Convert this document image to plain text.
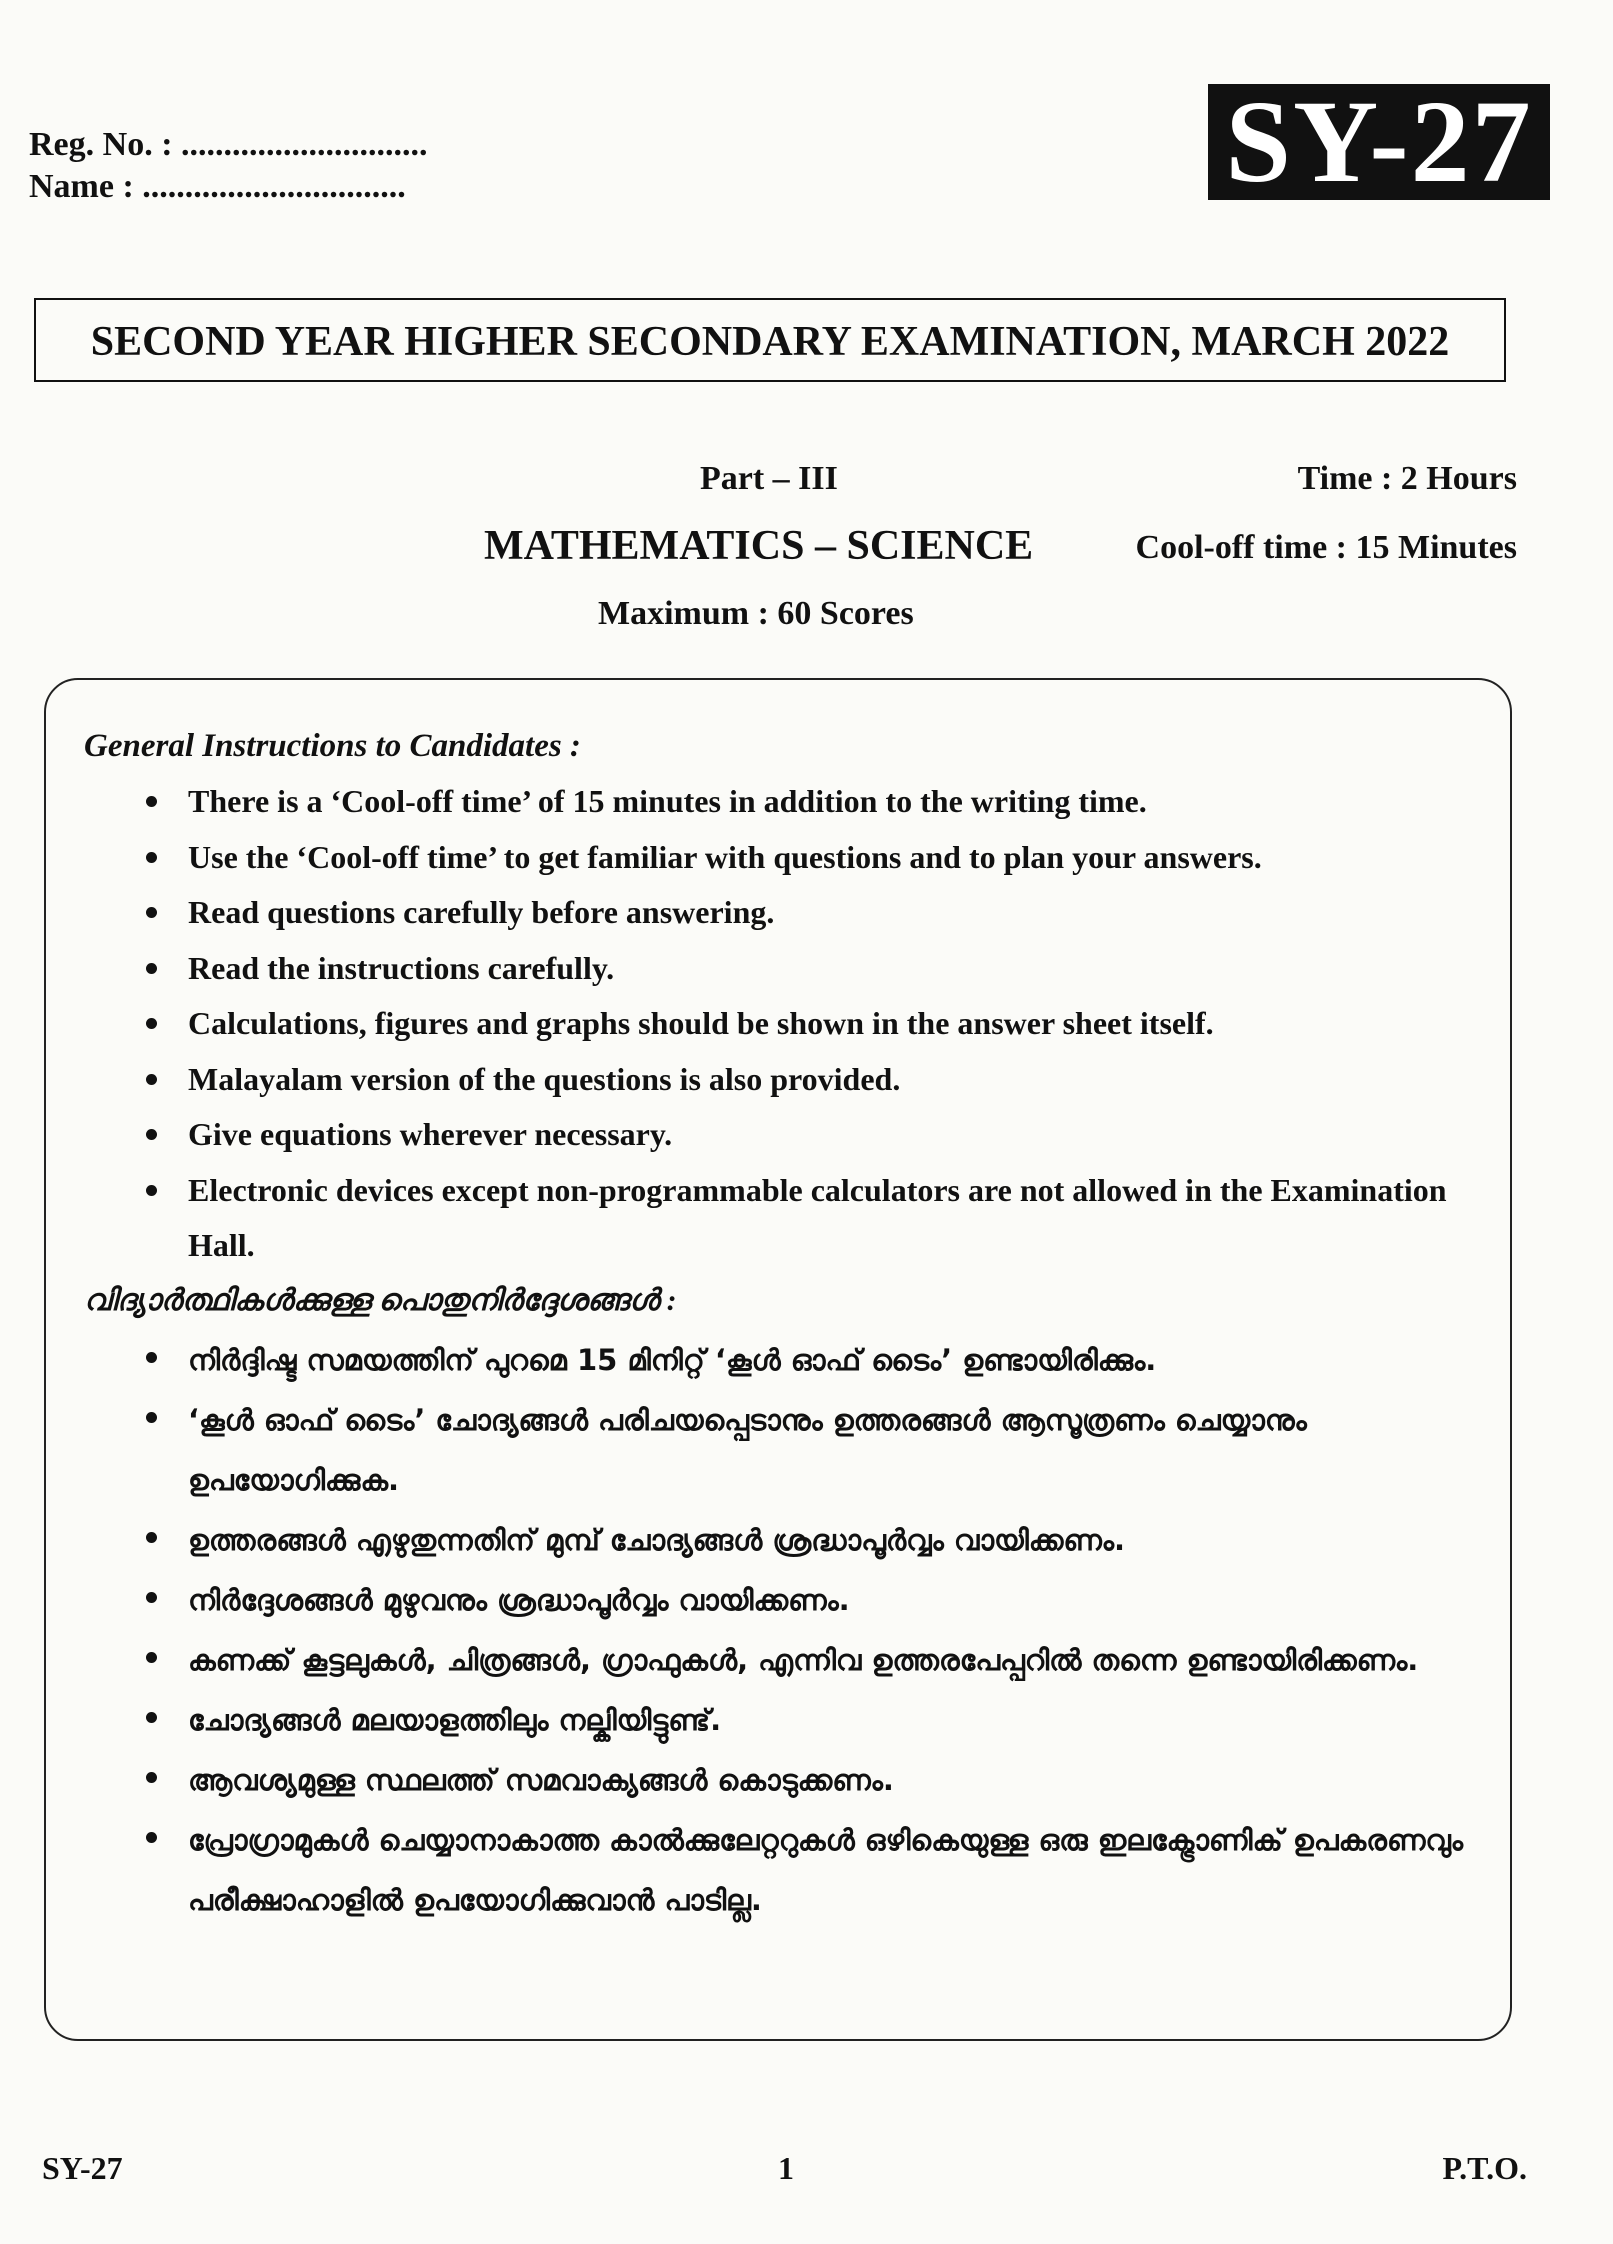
Reg. No. : .............................
Name : ...............................	SY-27
SECOND YEAR HIGHER SECONDARY EXAMINATION, MARCH 2022
Part – III	Time : 2 Hours
MATHEMATICS – SCIENCE	Cool-off time : 15 Minutes
Maximum : 60 Scores
General Instructions to Candidates :
There is a ‘Cool-off time’ of 15 minutes in addition to the writing time.
Use the ‘Cool-off time’ to get familiar with questions and to plan your answers.
Read questions carefully before answering.
Read the instructions carefully.
Calculations, figures and graphs should be shown in the answer sheet itself.
Malayalam version of the questions is also provided.
Give equations wherever necessary.
Electronic devices except non-programmable calculators are not allowed in the Examination Hall.
വിദ്യാർത്ഥികൾക്കുള്ള പൊതുനിർദ്ദേശങ്ങൾ :
നിർദ്ദിഷ്ട സമയത്തിന് പുറമെ 15 മിനിറ്റ് ‘കൂൾ ഓഫ് ടൈം’ ഉണ്ടായിരിക്കും.
‘കൂൾ ഓഫ് ടൈം’ ചോദ്യങ്ങൾ പരിചയപ്പെടാനും ഉത്തരങ്ങൾ ആസൂത്രണം ചെയ്യാനും ഉപയോഗിക്കുക.
ഉത്തരങ്ങൾ എഴുതുന്നതിന് മുമ്പ് ചോദ്യങ്ങൾ ശ്രദ്ധാപൂർവ്വം വായിക്കണം.
നിർദ്ദേശങ്ങൾ മുഴുവനും ശ്രദ്ധാപൂർവ്വം വായിക്കണം.
കണക്ക് കൂട്ടലുകൾ, ചിത്രങ്ങൾ, ഗ്രാഫുകൾ, എന്നിവ ഉത്തരപേപ്പറിൽ തന്നെ ഉണ്ടായിരിക്കണം.
ചോദ്യങ്ങൾ മലയാളത്തിലും നല്കിയിട്ടുണ്ട്.
ആവശ്യമുള്ള സ്ഥലത്ത് സമവാക്യങ്ങൾ കൊടുക്കണം.
പ്രോഗ്രാമുകൾ ചെയ്യാനാകാത്ത കാൽക്കുലേറ്ററുകൾ ഒഴികെയുള്ള ഒരു ഇലക്ട്രോണിക് ഉപകരണവും പരീക്ഷാഹാളിൽ ഉപയോഗിക്കുവാൻ പാടില്ല.
SY-27	1	P.T.O.
